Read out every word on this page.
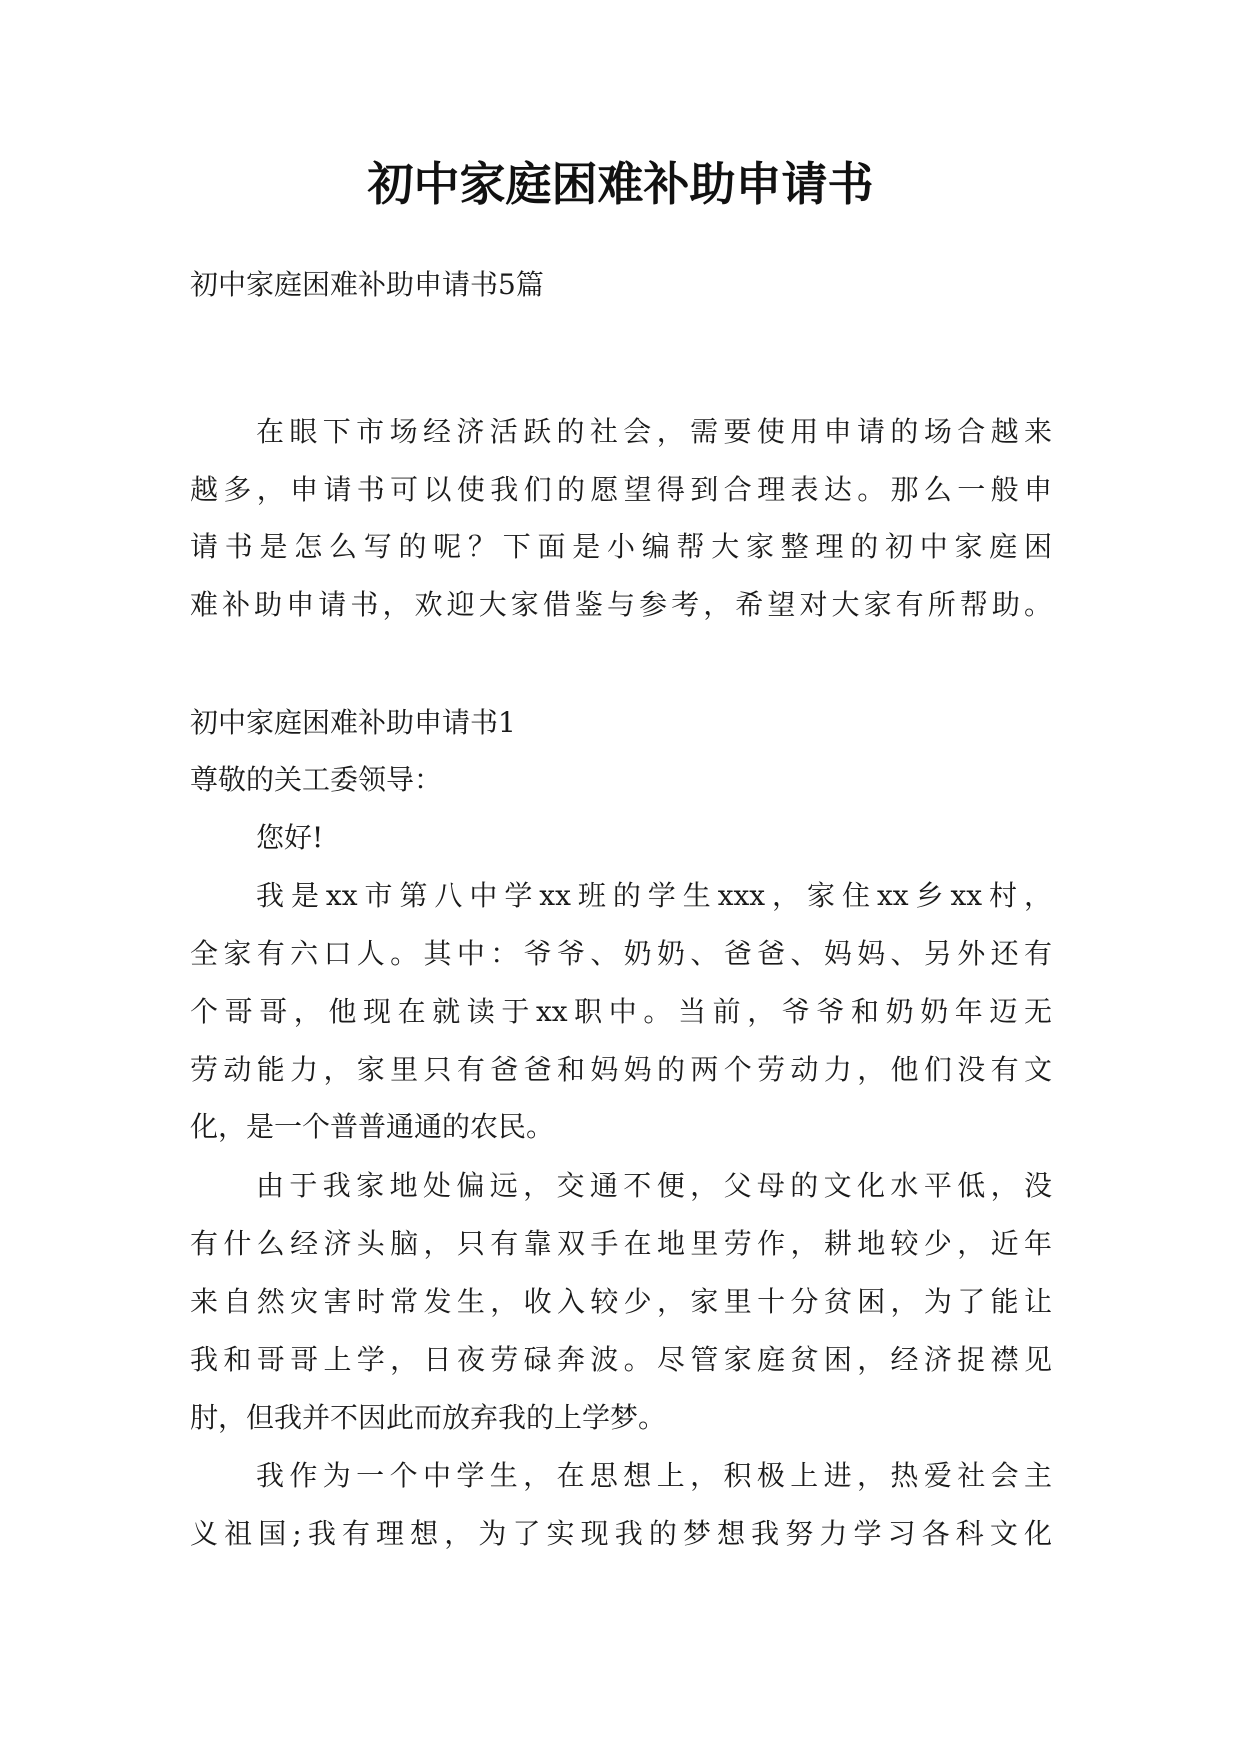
初中家庭困难补助申请书

初中家庭困难补助申请书5篇

在眼下市场经济活跃的社会，需要使用申请的场合越来

越多，申请书可以使我们的愿望得到合理表达。那么一般申

请书是怎么写的呢？下面是小编帮大家整理的初中家庭困

难补助申请书，欢迎大家借鉴与参考，希望对大家有所帮助。

初中家庭困难补助申请书1

尊敬的关工委领导：

您好!

我是xx市第八中学xx班的学生xxx，家住xx乡xx村，

全家有六口人。其中：爷爷、奶奶、爸爸、妈妈、另外还有

个哥哥，他现在就读于xx职中。当前，爷爷和奶奶年迈无

劳动能力，家里只有爸爸和妈妈的两个劳动力，他们没有文

化，是一个普普通通的农民。

由于我家地处偏远，交通不便，父母的文化水平低，没

有什么经济头脑，只有靠双手在地里劳作，耕地较少，近年

来自然灾害时常发生，收入较少，家里十分贫困，为了能让

我和哥哥上学，日夜劳碌奔波。尽管家庭贫困，经济捉襟见

肘，但我并不因此而放弃我的上学梦。

我作为一个中学生，在思想上，积极上进，热爱社会主

义祖国;我有理想，为了实现我的梦想我努力学习各科文化
